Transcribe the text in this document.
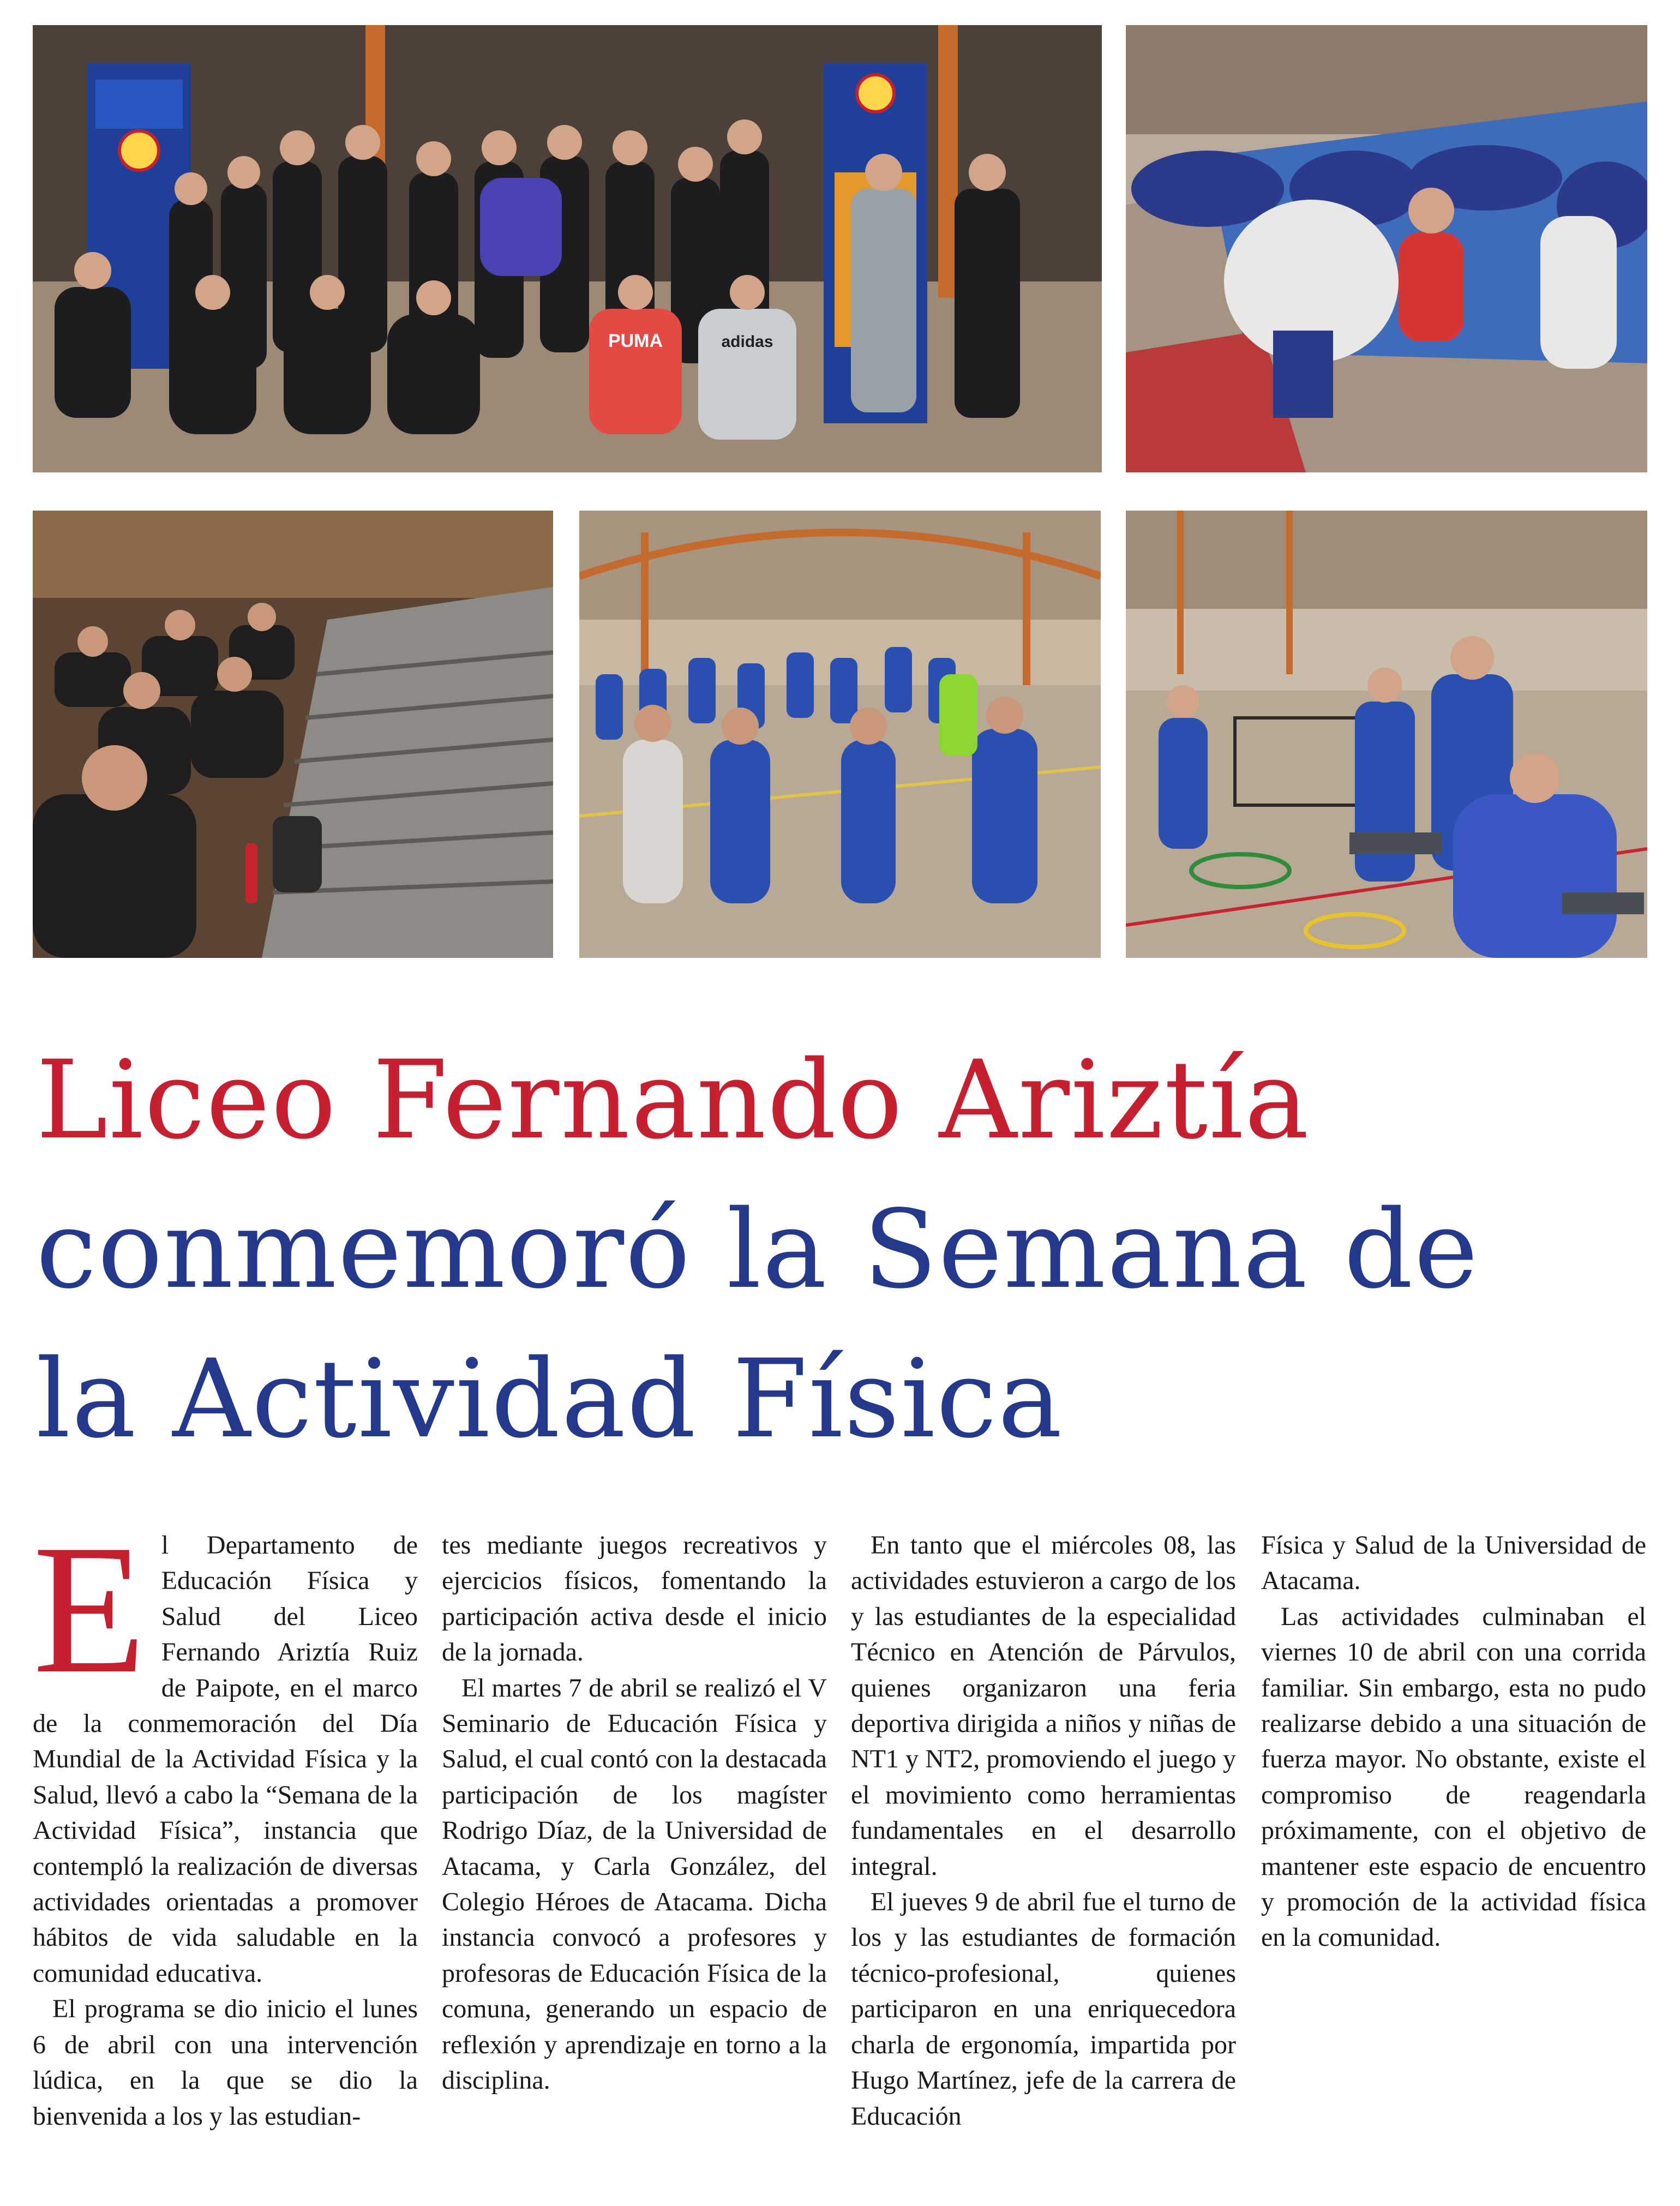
PUMA	adidas
Liceo Fernando Ariztía
conmemoró la Semana de
la Actividad Física
E l Departamento de Educación Física y Salud del Liceo Fernando Ariztía Ruiz de Paipote, en el marco de la conmemoración del Día Mundial de la Actividad Física y la Salud, llevó a cabo la “Semana de la Actividad Física”, instancia que contempló la realización de diversas actividades orientadas a promover hábitos de vida saludable en la comunidad educativa.

El programa se dio inicio el lunes 6 de abril con una intervención lúdica, en la que se dio la bienvenida a los y las estudian-

tes mediante juegos recreativos y ejercicios físicos, fomentando la participación activa desde el inicio de la jornada.

El martes 7 de abril se realizó el V Seminario de Educación Física y Salud, el cual contó con la destacada participación de los magíster Rodrigo Díaz, de la Universidad de Atacama, y Carla González, del Colegio Héroes de Atacama. Dicha instancia convocó a profesores y profesoras de Educación Física de la comuna, generando un espacio de reflexión y aprendizaje en torno a la disciplina.

En tanto que el miércoles 08, las actividades estuvieron a cargo de los y las estudiantes de la especialidad Técnico en Atención de Párvulos, quienes organizaron una feria deportiva dirigida a niños y niñas de NT1 y NT2, promoviendo el juego y el movimiento como herramientas fundamentales en el desarrollo integral.

El jueves 9 de abril fue el turno de los y las estudiantes de formación técnico-profesional, quienes participaron en una enriquecedora charla de ergonomía, impartida por Hugo Martínez, jefe de la carrera de Educación

Física y Salud de la Universidad de Atacama.

Las actividades culminaban el viernes 10 de abril con una corrida familiar. Sin embargo, esta no pudo realizarse debido a una situación de fuerza mayor. No obstante, existe el compromiso de reagendarla próximamente, con el objetivo de mantener este espacio de encuentro y promoción de la actividad física en la comunidad.
